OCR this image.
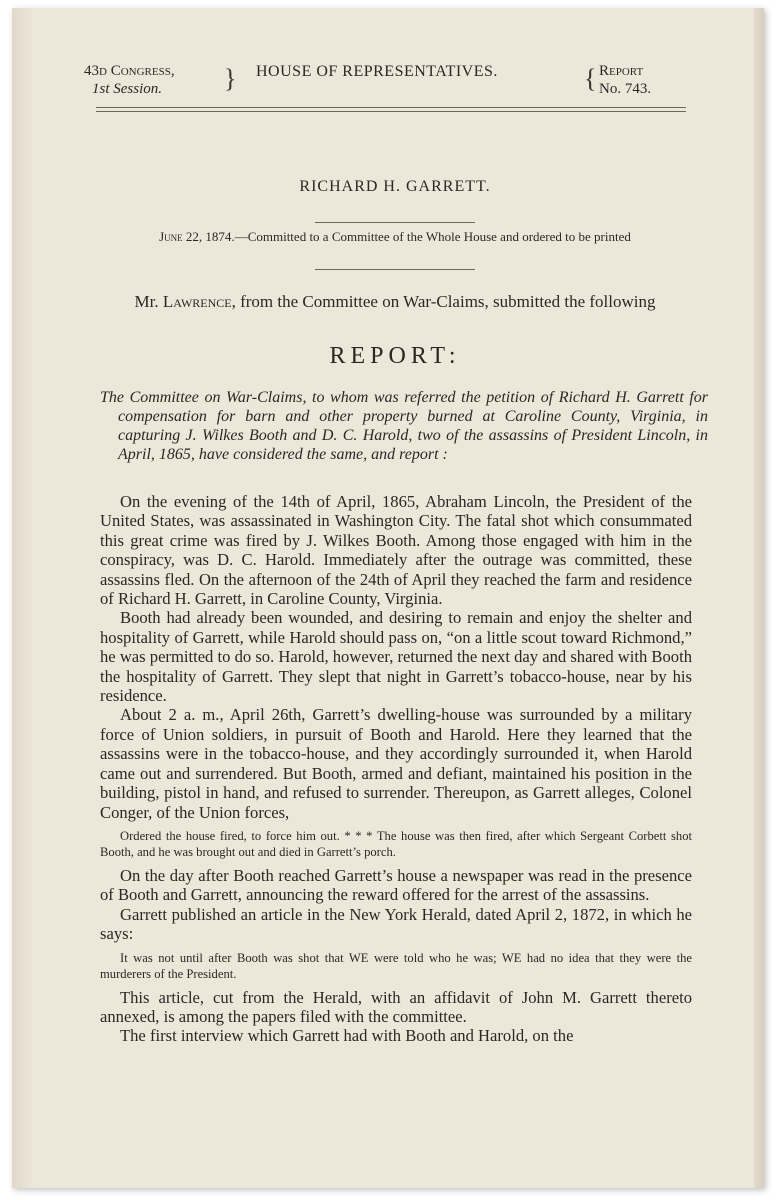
43d Congress,
1st Session.	} HOUSE OF REPRESENTATIVES.	{ Report
No. 743.
RICHARD H. GARRETT.
June 22, 1874.—Committed to a Committee of the Whole House and ordered to be printed
Mr. Lawrence, from the Committee on War-Claims, submitted the following
REPORT:
The Committee on War-Claims, to whom was referred the petition of Richard H. Garrett for compensation for barn and other property burned at Caroline County, Virginia, in capturing J. Wilkes Booth and D. C. Harold, two of the assassins of President Lincoln, in April, 1865, have considered the same, and report :

On the evening of the 14th of April, 1865, Abraham Lincoln, the President of the United States, was assassinated in Washington City. The fatal shot which consummated this great crime was fired by J. Wilkes Booth. Among those engaged with him in the conspiracy, was D. C. Harold. Immediately after the outrage was committed, these assassins fled. On the afternoon of the 24th of April they reached the farm and residence of Richard H. Garrett, in Caroline County, Virginia.

Booth had already been wounded, and desiring to remain and enjoy the shelter and hospitality of Garrett, while Harold should pass on, “on a little scout toward Richmond,” he was permitted to do so. Harold, however, returned the next day and shared with Booth the hospitality of Garrett. They slept that night in Garrett’s tobacco-house, near by his residence.

About 2 a. m., April 26th, Garrett’s dwelling-house was surrounded by a military force of Union soldiers, in pursuit of Booth and Harold. Here they learned that the assassins were in the tobacco-house, and they accordingly surrounded it, when Harold came out and surrendered. But Booth, armed and defiant, maintained his position in the building, pistol in hand, and refused to surrender. Thereupon, as Garrett alleges, Colonel Conger, of the Union forces,

Ordered the house fired, to force him out. * * * The house was then fired, after which Sergeant Corbett shot Booth, and he was brought out and died in Garrett’s porch.

On the day after Booth reached Garrett’s house a newspaper was read in the presence of Booth and Garrett, announcing the reward offered for the arrest of the assassins.

Garrett published an article in the New York Herald, dated April 2, 1872, in which he says:

It was not until after Booth was shot that WE were told who he was; WE had no idea that they were the murderers of the President.

This article, cut from the Herald, with an affidavit of John M. Garrett thereto annexed, is among the papers filed with the committee.

The first interview which Garrett had with Booth and Harold, on the
